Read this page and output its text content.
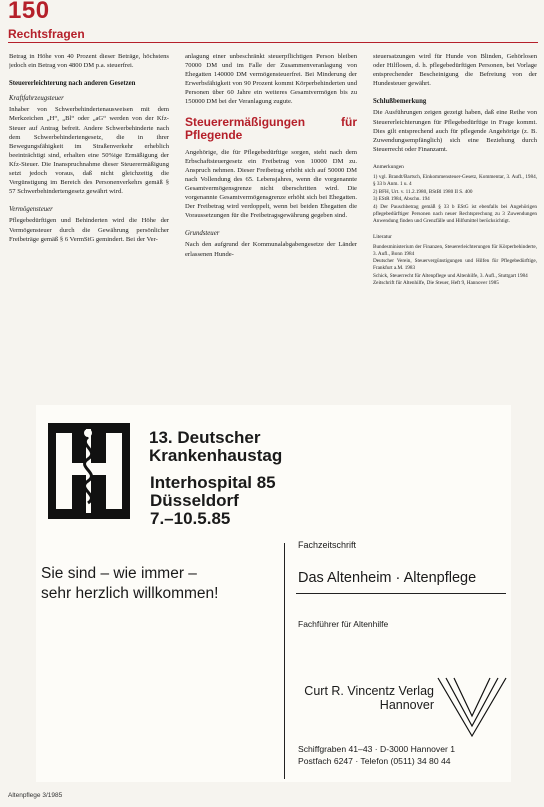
150
Rechtsfragen

Betrag in Höhe von 40 Prozent dieser Beträge, höchstens jedoch ein Betrag von 4800 DM p.a. steuerfrei.

Steuererleichterung nach anderen Gesetzen
Kraftfahrzeugsteuer

Inhaber von Schwerbehindertenausweisen mit dem Merkzeichen „H“, „Bl“ oder „aG“ werden von der Kfz-Steuer auf Antrag befreit. Andere Schwerbehinderte nach dem Schwerbehindertengesetz, die in ihrer Bewegungsfähigkeit im Straßenverkehr erheblich beeinträchtigt sind, erhalten eine 50%ige Ermäßigung der Kfz-Steuer. Die Inanspruchnahme dieser Steuerermäßigung setzt jedoch voraus, daß nicht gleichzeitig die Vergünstigung im Bereich des Personenverkehrs gemäß § 57 Schwerbehindertengesetz gewährt wird.

Vermögensteuer

Pflegebedürftigen und Behinderten wird die Höhe der Vermögensteuer durch die Gewährung persönlicher Freibeträge gemäß § 6 VermStG gemindert. Bei der Ver-

anlagung einer unbeschränkt steuerpflichtigen Person bleiben 70000 DM und im Falle der Zusammenveranlagung von Ehegatten 140000 DM vermögensteuerfrei. Bei Minderung der Erwerbsfähigkeit von 90 Prozent kommt Körperbehinderten und Personen über 60 Jahre ein weiteres Gesamtvermögen bis zu 150000 DM bei der Veranlagung zugute.

Steuerermäßigungen für Pflegende

Angehörige, die für Pflegebedürftige sorgen, steht nach dem Erbschaftsteuergesetz ein Freibetrag von 10000 DM zu. Anspruch nehmen. Dieser Freibetrag erhöht sich auf 50000 DM nach Vollendung des 65. Lebensjahres, wenn die vorgenannte Gesamtvermögensgrenze nicht überschritten wird. Die vorgenannte Gesamtvermögensgrenze erhöht sich bei Ehegatten. Der Freibetrag wird verdoppelt, wenn bei beiden Ehegatten die Voraussetzungen für die Freibetragsgewährung gegeben sind.

Grundsteuer

Nach den aufgrund der Kommunalabgabengesetze der Länder erlassenen Hunde-

steuersatzungen wird für Hunde von Blinden, Gehörlosen oder Hilflosen, d. h. pflegebedürftigen Personen, bei Vorlage entsprechender Bescheinigung die Befreiung von der Hundesteuer gewährt.

Schlußbemerkung

Die Ausführungen zeigen gezeigt haben, daß eine Reihe von Steuererleichterungen für Pflegebedürftige in Frage kommt. Dies gilt entsprechend auch für pflegende Angehörige (z. B. Zuwendungsempfänglich) sich eine Beziehung durch Steuerrecht oder Finanzamt.

Anmerkungen
1) vgl. Brandt/Bartsch, Einkommensteuer-Gesetz, Kommentar, 3. Aufl., 1984, § 33 b Anm. 1 u. 4
2) BFH, Urt. v. 11.2.1980, BStBl 1980 II S. 400
3) EStR 1984, Abschn. 194
4) Der Pauschbetrag gemäß § 33 b EStG ist ebenfalls bei Angehörigen pflegebedürftiger Personen nach neuer Rechtsprechung zu 3 Zuwendungen Anwendung finden und Grenzfälle und Hilfsmittel berücksichtigt.
Literatur
Bundesministerium der Finanzen, Steuererleichterungen für Körperbehinderte, 3. Aufl., Bonn 1984
Deutscher Verein, Steuervergünstigungen und Hilfen für Pflegebedürftige, Frankfurt a.M. 1983
Schick, Steuerrecht für Altenpflege und Altenhilfe, 3. Aufl., Stuttgart 1984
Zeitschrift für Altenhilfe, Die Steuer, Heft 9, Hannover 1985
13. Deutscher
Krankenhaustag
Interhospital 85
Düsseldorf
7.–10.5.85
Sie sind – wie immer –
sehr herzlich willkommen!
Fachzeitschrift
Das Altenheim · Altenpflege
Fachführer für Altenhilfe
Curt R. Vincentz Verlag
Hannover
Schiffgraben 41–43 · D-3000 Hannover 1
Postfach 6247 · Telefon (0511) 34 80 44
Altenpflege 3/1985
